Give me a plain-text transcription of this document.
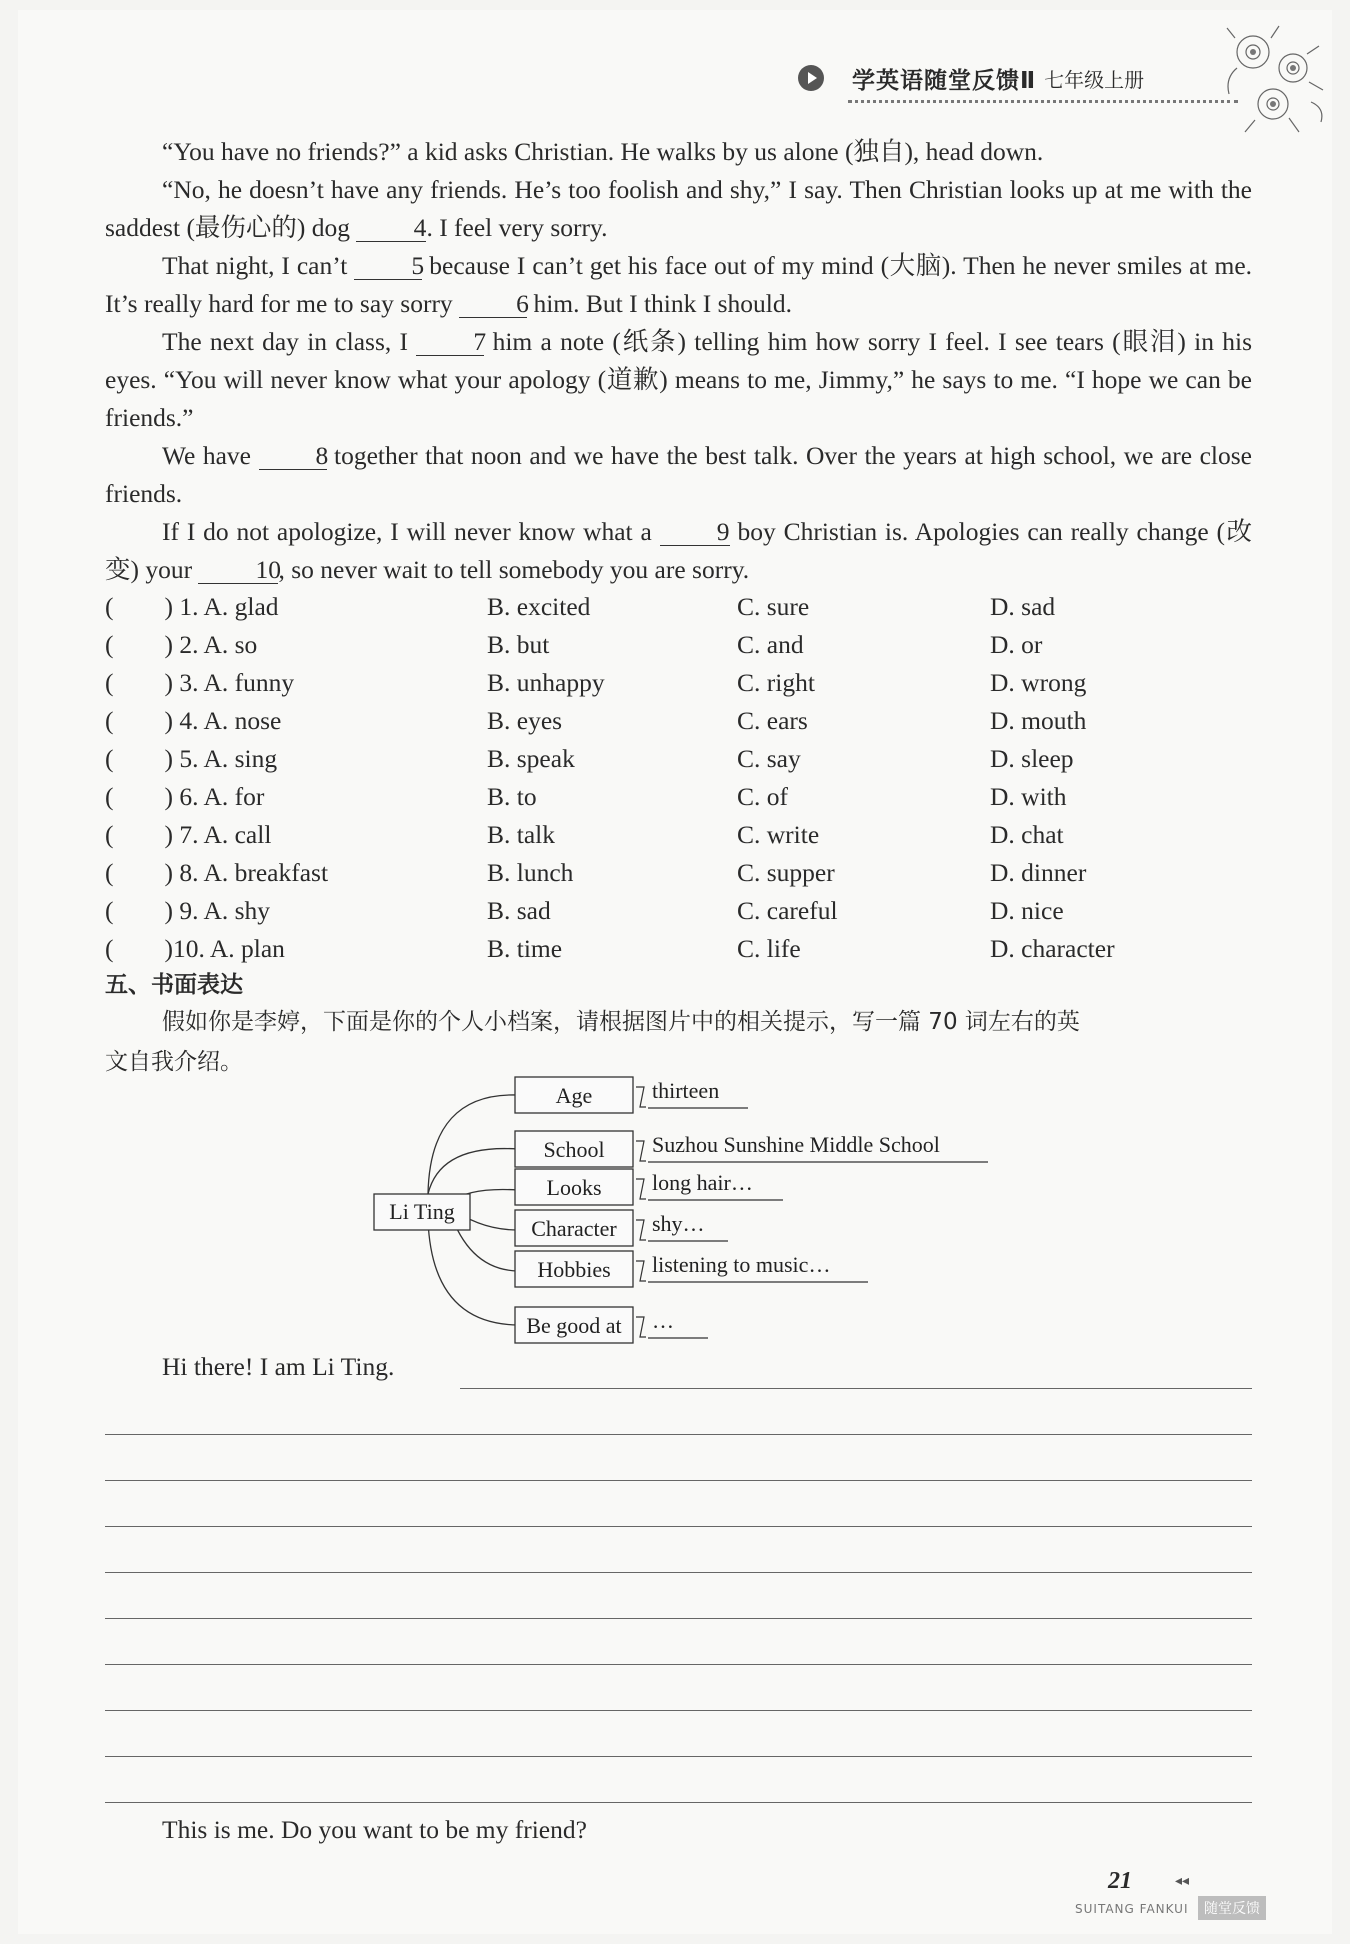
学英语随堂反馈Ⅱ 七年级上册

“You have no friends?” a kid asks Christian. He walks by us alone (独自), head down.

“No, he doesn’t have any friends. He’s too foolish and shy,” I say. Then Christian looks up at me with the saddest (最伤心的) dog 4. I feel very sorry.

That night, I can’t	5 because I can’t get his face out of my mind (大脑). Then he never smiles at me. It’s really hard for me to say sorry 6 him. But I think I should.

The next day in class, I	7 him a note (纸条) telling him how sorry I feel. I see tears (眼泪) in his eyes. “You will never know what your apology (道歉) means to me, Jimmy,” he says to me. “I hope we can be friends.”

We have	8 together that noon and we have the best talk. Over the years at high school, we are close friends.

If I do not apologize, I will never know what a	9 boy Christian is. Apologies can really change (改变) your 10, so never wait to tell somebody you are sorry.

(　　) 1. A. glad	B. excited	C. sure	D. sad
(　　) 2. A. so	B. but	C. and	D. or
(　　) 3. A. funny	B. unhappy	C. right	D. wrong
(　　) 4. A. nose	B. eyes	C. ears	D. mouth
(　　) 5. A. sing	B. speak	C. say	D. sleep
(　　) 6. A. for	B. to	C. of	D. with
(　　) 7. A. call	B. talk	C. write	D. chat
(　　) 8. A. breakfast	B. lunch	C. supper	D. dinner
(　　) 9. A. shy	B. sad	C. careful	D. nice
(　　)10. A. plan	B. time	C. life	D. character
五、书面表达

假如你是李婷，下面是你的个人小档案，请根据图片中的相关提示，写一篇 70 词左右的英

文自我介绍。

Li Ting
Age	thirteen
School Suzhou Sunshine Middle School
Looks long hair…
Character shy…
Hobbies listening to music…
Be good at …
Hi there! I am Li Ting.
This is me. Do you want to be my friend?
21	◂◂
SUITANG FANKUI	随堂反馈
